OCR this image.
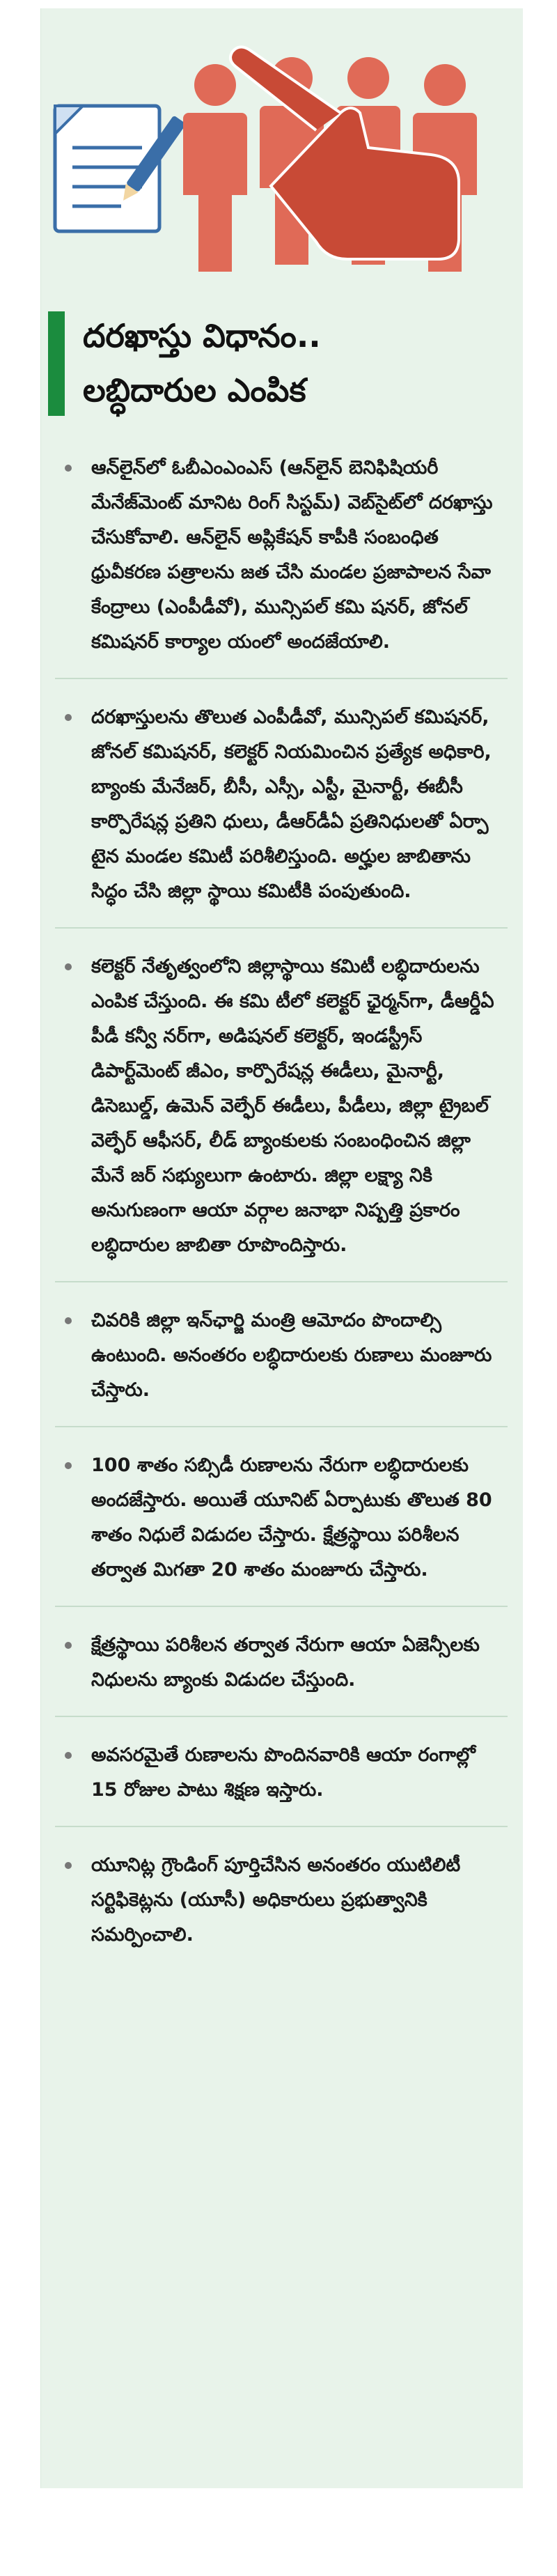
దరఖాస్తు విధానం..
లబ్ధిదారుల ఎంపిక
ఆన్‌లైన్‌లో ఓబీఎంఎంఎస్ (ఆన్‌లైన్ బెనిఫిషియరీ మేనేజ్‌మెంట్ మానిట రింగ్ సిస్టమ్) వెబ్‌సైట్‌లో దరఖాస్తు చేసుకోవాలి. ఆన్‌లైన్ అప్లికేషన్ కాపీకి సంబంధిత ధ్రువీకరణ పత్రాలను జత చేసి మండల ప్రజాపాలన సేవా కేంద్రాలు (ఎంపీడీవో), మున్సిపల్ కమి షనర్, జోనల్ కమిషనర్ కార్యాల యంలో అందజేయాలి.
దరఖాస్తులను తొలుత ఎంపీడీవో, మున్సిపల్ కమిషనర్, జోనల్ కమిషనర్, కలెక్టర్ నియమించిన ప్రత్యేక అధికారి, బ్యాంకు మేనేజర్, బీసీ, ఎస్సీ, ఎస్టీ, మైనార్టీ, ఈబీసీ కార్పొరేషన్ల ప్రతిని ధులు, డీఆర్‌డీఏ ప్రతినిధులతో ఏర్పా టైన మండల కమిటీ పరిశీలిస్తుంది. అర్హుల జాబితాను సిద్ధం చేసి జిల్లా స్థాయి కమిటీకి పంపుతుంది.
కలెక్టర్ నేతృత్వంలోని జిల్లాస్థాయి కమిటీ లబ్ధిదారులను ఎంపిక చేస్తుంది. ఈ కమి టీలో కలెక్టర్ ఛైర్మన్‌గా, డీఆర్డీఏ పీడీ కన్వీ నర్‌గా, అడిషనల్ కలెక్టర్, ఇండస్ట్రీస్ డిపార్ట్‌మెంట్ జీఎం, కార్పొరేషన్ల ఈడీలు, మైనార్టీ, డిసెబుల్డ్, ఉమెన్ వెల్ఫేర్ ఈడీలు, పీడీలు, జిల్లా ట్రైబల్ వెల్ఫేర్ ఆఫీసర్, లీడ్ బ్యాంకులకు సంబంధించిన జిల్లా మేనే జర్ సభ్యులుగా ఉంటారు. జిల్లా లక్ష్యా నికి అనుగుణంగా ఆయా వర్గాల జనాభా నిష్పత్తి ప్రకారం లబ్ధిదారుల జాబితా రూపొందిస్తారు.
చివరికి జిల్లా ఇన్‌ఛార్జి మంత్రి ఆమోదం పొందాల్సి ఉంటుంది. అనంతరం లబ్ధిదారులకు రుణాలు మంజూరు చేస్తారు.
100 శాతం సబ్సిడీ రుణాలను నేరుగా లబ్ధిదారులకు అందజేస్తారు. అయితే యూనిట్ ఏర్పాటుకు తొలుత 80 శాతం నిధులే విడుదల చేస్తారు. క్షేత్రస్థాయి పరిశీలన తర్వాత మిగతా 20 శాతం మంజూరు చేస్తారు.
క్షేత్రస్థాయి పరిశీలన తర్వాత నేరుగా ఆయా ఏజెన్సీలకు నిధులను బ్యాంకు విడుదల చేస్తుంది.
అవసరమైతే రుణాలను పొందినవారికి ఆయా రంగాల్లో 15 రోజుల పాటు శిక్షణ ఇస్తారు.
యూనిట్ల గ్రౌండింగ్ పూర్తిచేసిన అనంతరం యుటిలిటీ సర్టిఫికెట్లను (యూసీ) అధికారులు ప్రభుత్వానికి సమర్పించాలి.
